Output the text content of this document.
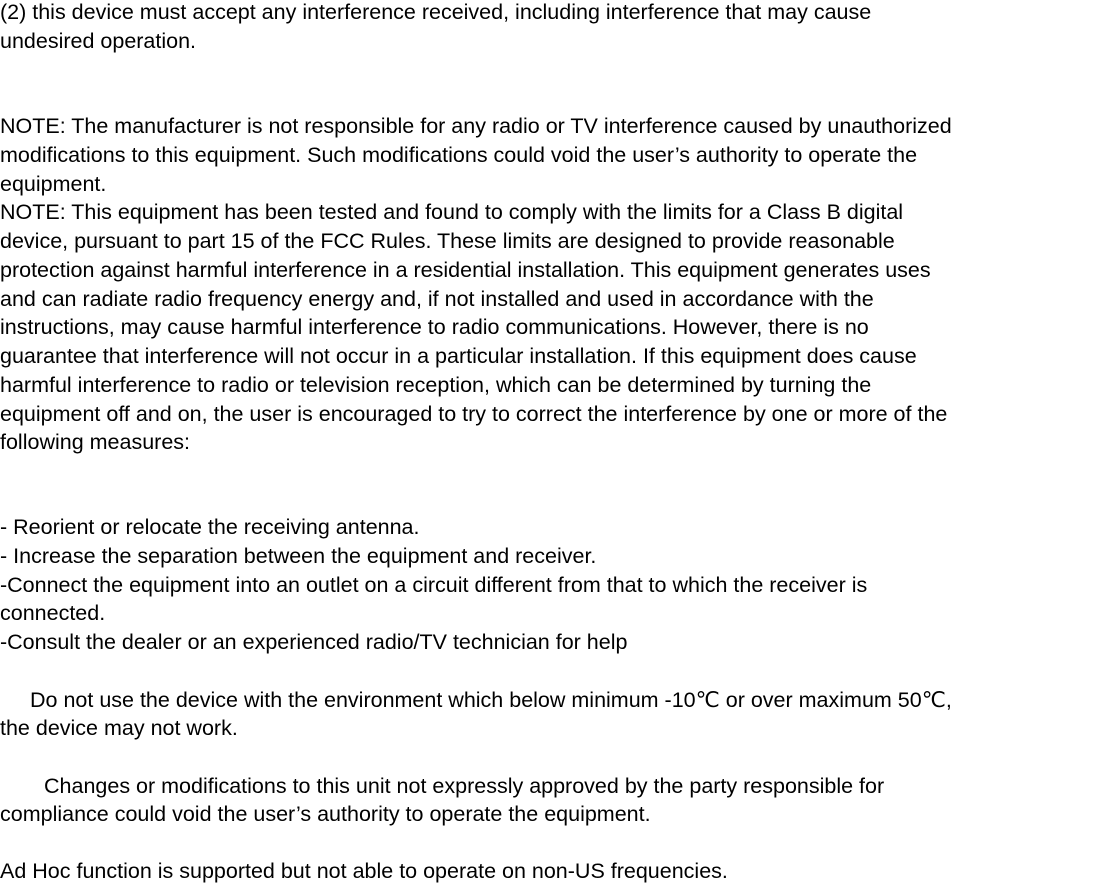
(2) this device must accept any interference received, including interference that may cause

undesired operation.

NOTE: The manufacturer is not responsible for any radio or TV interference caused by unauthorized

modifications to this equipment. Such modifications could void the user’s authority to operate the

equipment.

NOTE: This equipment has been tested and found to comply with the limits for a Class B digital

device, pursuant to part 15 of the FCC Rules. These limits are designed to provide reasonable

protection against harmful interference in a residential installation. This equipment generates uses

and can radiate radio frequency energy and, if not installed and used in accordance with the

instructions, may cause harmful interference to radio communications. However, there is no

guarantee that interference will not occur in a particular installation. If this equipment does cause

harmful interference to radio or television reception, which can be determined by turning the

equipment off and on, the user is encouraged to try to correct the interference by one or more of the

following measures:

- Reorient or relocate the receiving antenna.

- Increase the separation between the equipment and receiver.

-Connect the equipment into an outlet on a circuit different from that to which the receiver is

connected.

-Consult the dealer or an experienced radio/TV technician for help

Do not use the device with the environment which below minimum -10℃ or over maximum 50℃,

the device may not work.

Changes or modifications to this unit not expressly approved by the party responsible for

compliance could void the user’s authority to operate the equipment.

Ad Hoc function is supported but not able to operate on non-US frequencies.
